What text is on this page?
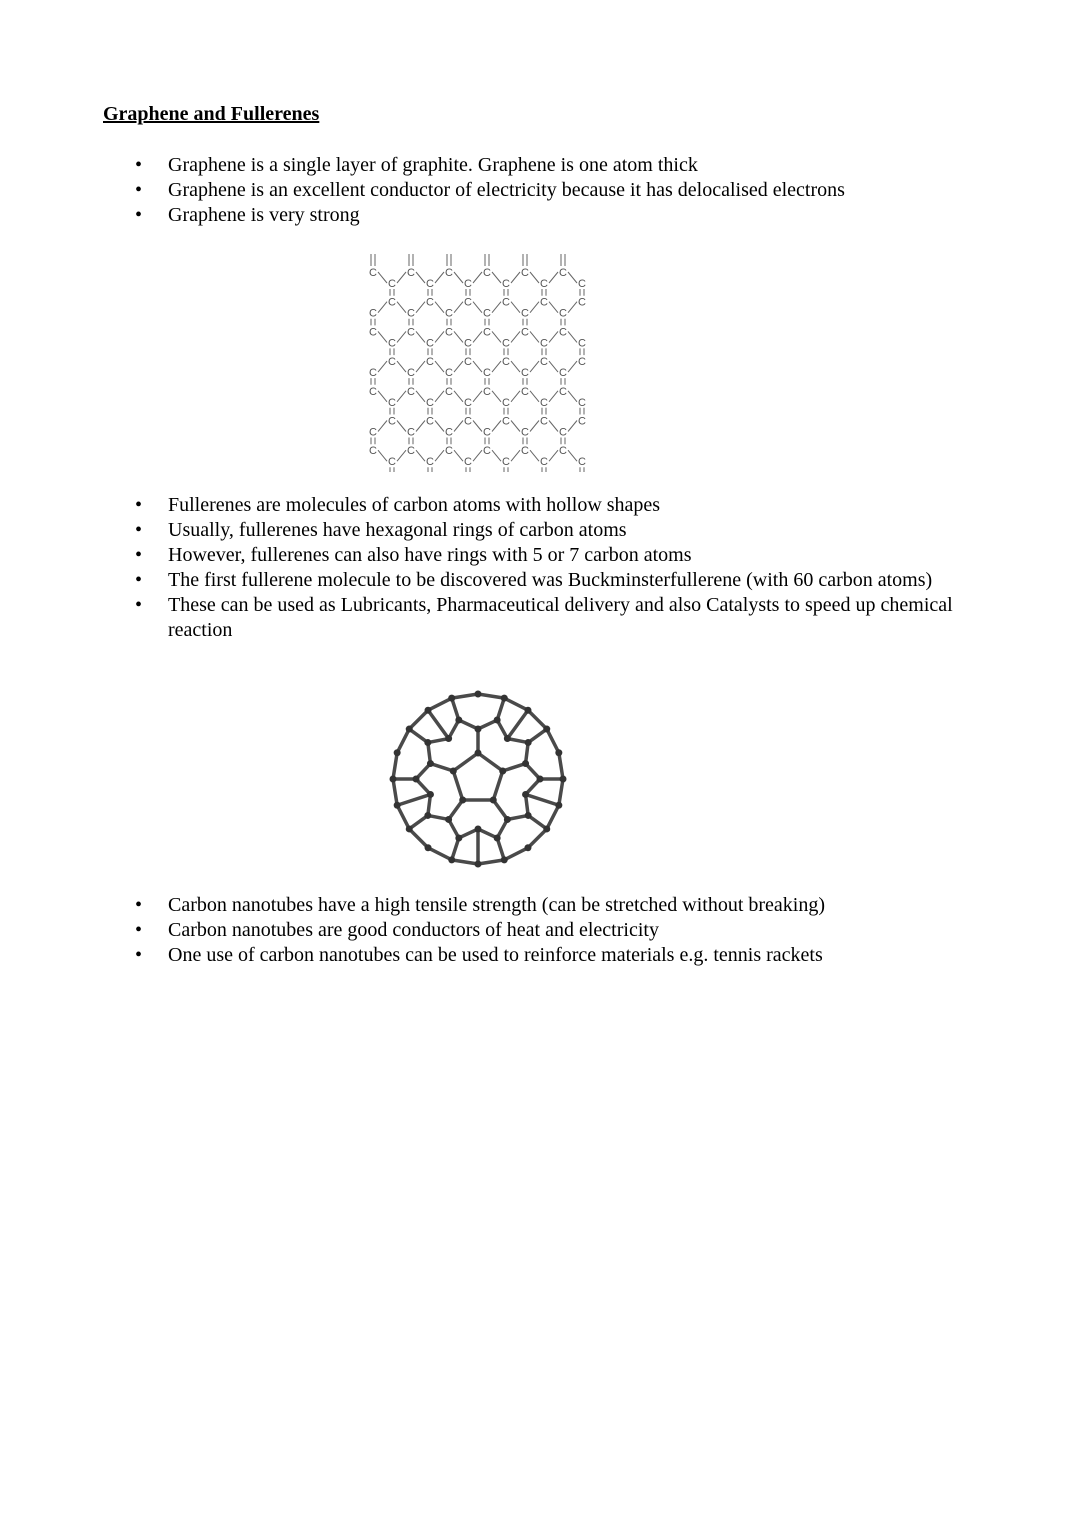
Graphene and Fullerenes
• Graphene is a single layer of graphite. Graphene is one atom thick
• Graphene is an excellent conductor of electricity because it has delocalised electrons
• Graphene is very strong
C
C
C
C
C
C
C
C
C
C
C
C
C
C
C
C
C
C
C
C
C
C
C
C
C
C
C
C
C
C
C
C
C
C
C
C
C
C
C
C
C
C
C
C
C
C
C
C
C
C
C
C
C
C
C
C
C
C
C
C
C
C
C
C
C
C
C
C
C
C
C
C
C
C
C
C
C
C
C
C
C
C
C
C
• Fullerenes are molecules of carbon atoms with hollow shapes
• Usually, fullerenes have hexagonal rings of carbon atoms
• However, fullerenes can also have rings with 5 or 7 carbon atoms
• The first fullerene molecule to be discovered was Buckminsterfullerene (with 60 carbon atoms)
• These can be used as Lubricants, Pharmaceutical delivery and also Catalysts to speed up chemical reaction
• Carbon nanotubes have a high tensile strength (can be stretched without breaking)
• Carbon nanotubes are good conductors of heat and electricity
• One use of carbon nanotubes can be used to reinforce materials e.g. tennis rackets
